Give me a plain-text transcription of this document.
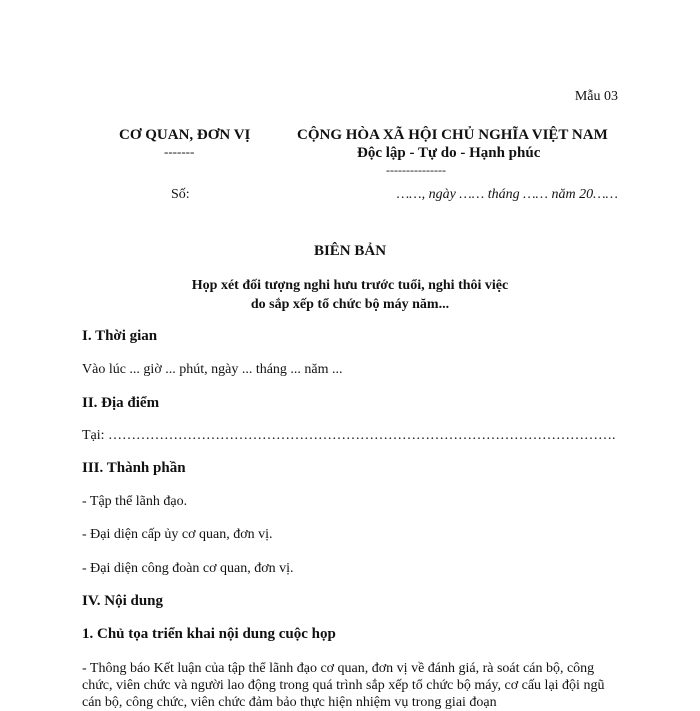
Mẫu 03
CƠ QUAN, ĐƠN VỊ
-------
CỘNG HÒA XÃ HỘI CHỦ NGHĨA VIỆT NAM
Độc lập - Tự do - Hạnh phúc
---------------
Số:	……, ngày …… tháng …… năm 20……
BIÊN BẢN
Họp xét đối tượng nghi hưu trước tuổi, nghi thôi việc
do sắp xếp tổ chức bộ máy năm...
I. Thời gian
Vào lúc ... giờ ... phút, ngày ... tháng ... năm ...
II. Địa điểm
Tại: ……………………………………………………………………………………………….
III. Thành phần
- Tập thể lãnh đạo.
- Đại diện cấp ủy cơ quan, đơn vị.
- Đại diện công đoàn cơ quan, đơn vị.
IV. Nội dung
1. Chủ tọa triển khai nội dung cuộc họp
- Thông báo Kết luận của tập thể lãnh đạo cơ quan, đơn vị về đánh giá, rà soát cán bộ, công chức, viên chức và người lao động trong quá trình sắp xếp tổ chức bộ máy, cơ cấu lại đội ngũ cán bộ, công chức, viên chức đảm bảo thực hiện nhiệm vụ trong giai đoạn
